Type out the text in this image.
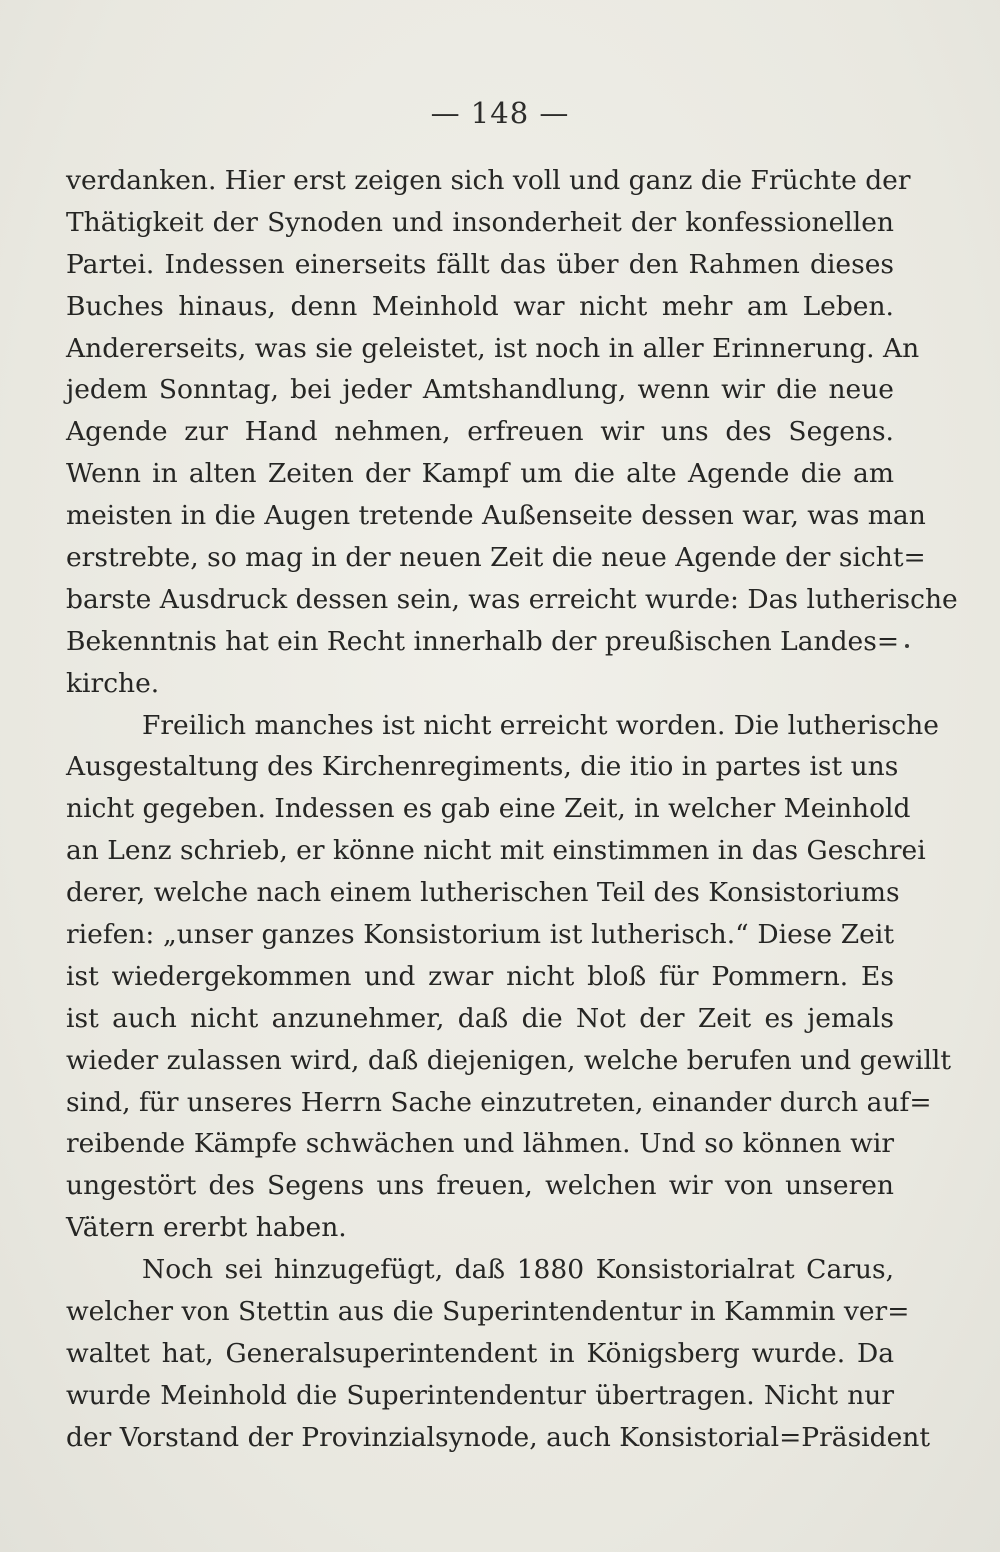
— 148 —
verdanken. Hier erst zeigen sich voll und ganz die Früchte der
Thätigkeit der Synoden und insonderheit der konfessionellen
Partei. Indessen einerseits fällt das über den Rahmen dieses
Buches hinaus, denn Meinhold war nicht mehr am Leben.
Andererseits, was sie geleistet, ist noch in aller Erinnerung. An
jedem Sonntag, bei jeder Amtshandlung, wenn wir die neue
Agende zur Hand nehmen, erfreuen wir uns des Segens.
Wenn in alten Zeiten der Kampf um die alte Agende die am
meisten in die Augen tretende Außenseite dessen war, was man
erstrebte, so mag in der neuen Zeit die neue Agende der sicht=
barste Ausdruck dessen sein, was erreicht wurde: Das lutherische
Bekenntnis hat ein Recht innerhalb der preußischen Landes=
kirche.
Freilich manches ist nicht erreicht worden. Die lutherische
Ausgestaltung des Kirchenregiments, die itio in partes ist uns
nicht gegeben. Indessen es gab eine Zeit, in welcher Meinhold
an Lenz schrieb, er könne nicht mit einstimmen in das Geschrei
derer, welche nach einem lutherischen Teil des Konsistoriums
riefen: „unser ganzes Konsistorium ist lutherisch.“ Diese Zeit
ist wiedergekommen und zwar nicht bloß für Pommern. Es
ist auch nicht anzunehmer, daß die Not der Zeit es jemals
wieder zulassen wird, daß diejenigen, welche berufen und gewillt
sind, für unseres Herrn Sache einzutreten, einander durch auf=
reibende Kämpfe schwächen und lähmen. Und so können wir
ungestört des Segens uns freuen, welchen wir von unseren
Vätern ererbt haben.
Noch sei hinzugefügt, daß 1880 Konsistorialrat Carus,
welcher von Stettin aus die Superintendentur in Kammin ver=
waltet hat, Generalsuperintendent in Königsberg wurde. Da
wurde Meinhold die Superintendentur übertragen. Nicht nur
der Vorstand der Provinzialsynode, auch Konsistorial=Präsident
